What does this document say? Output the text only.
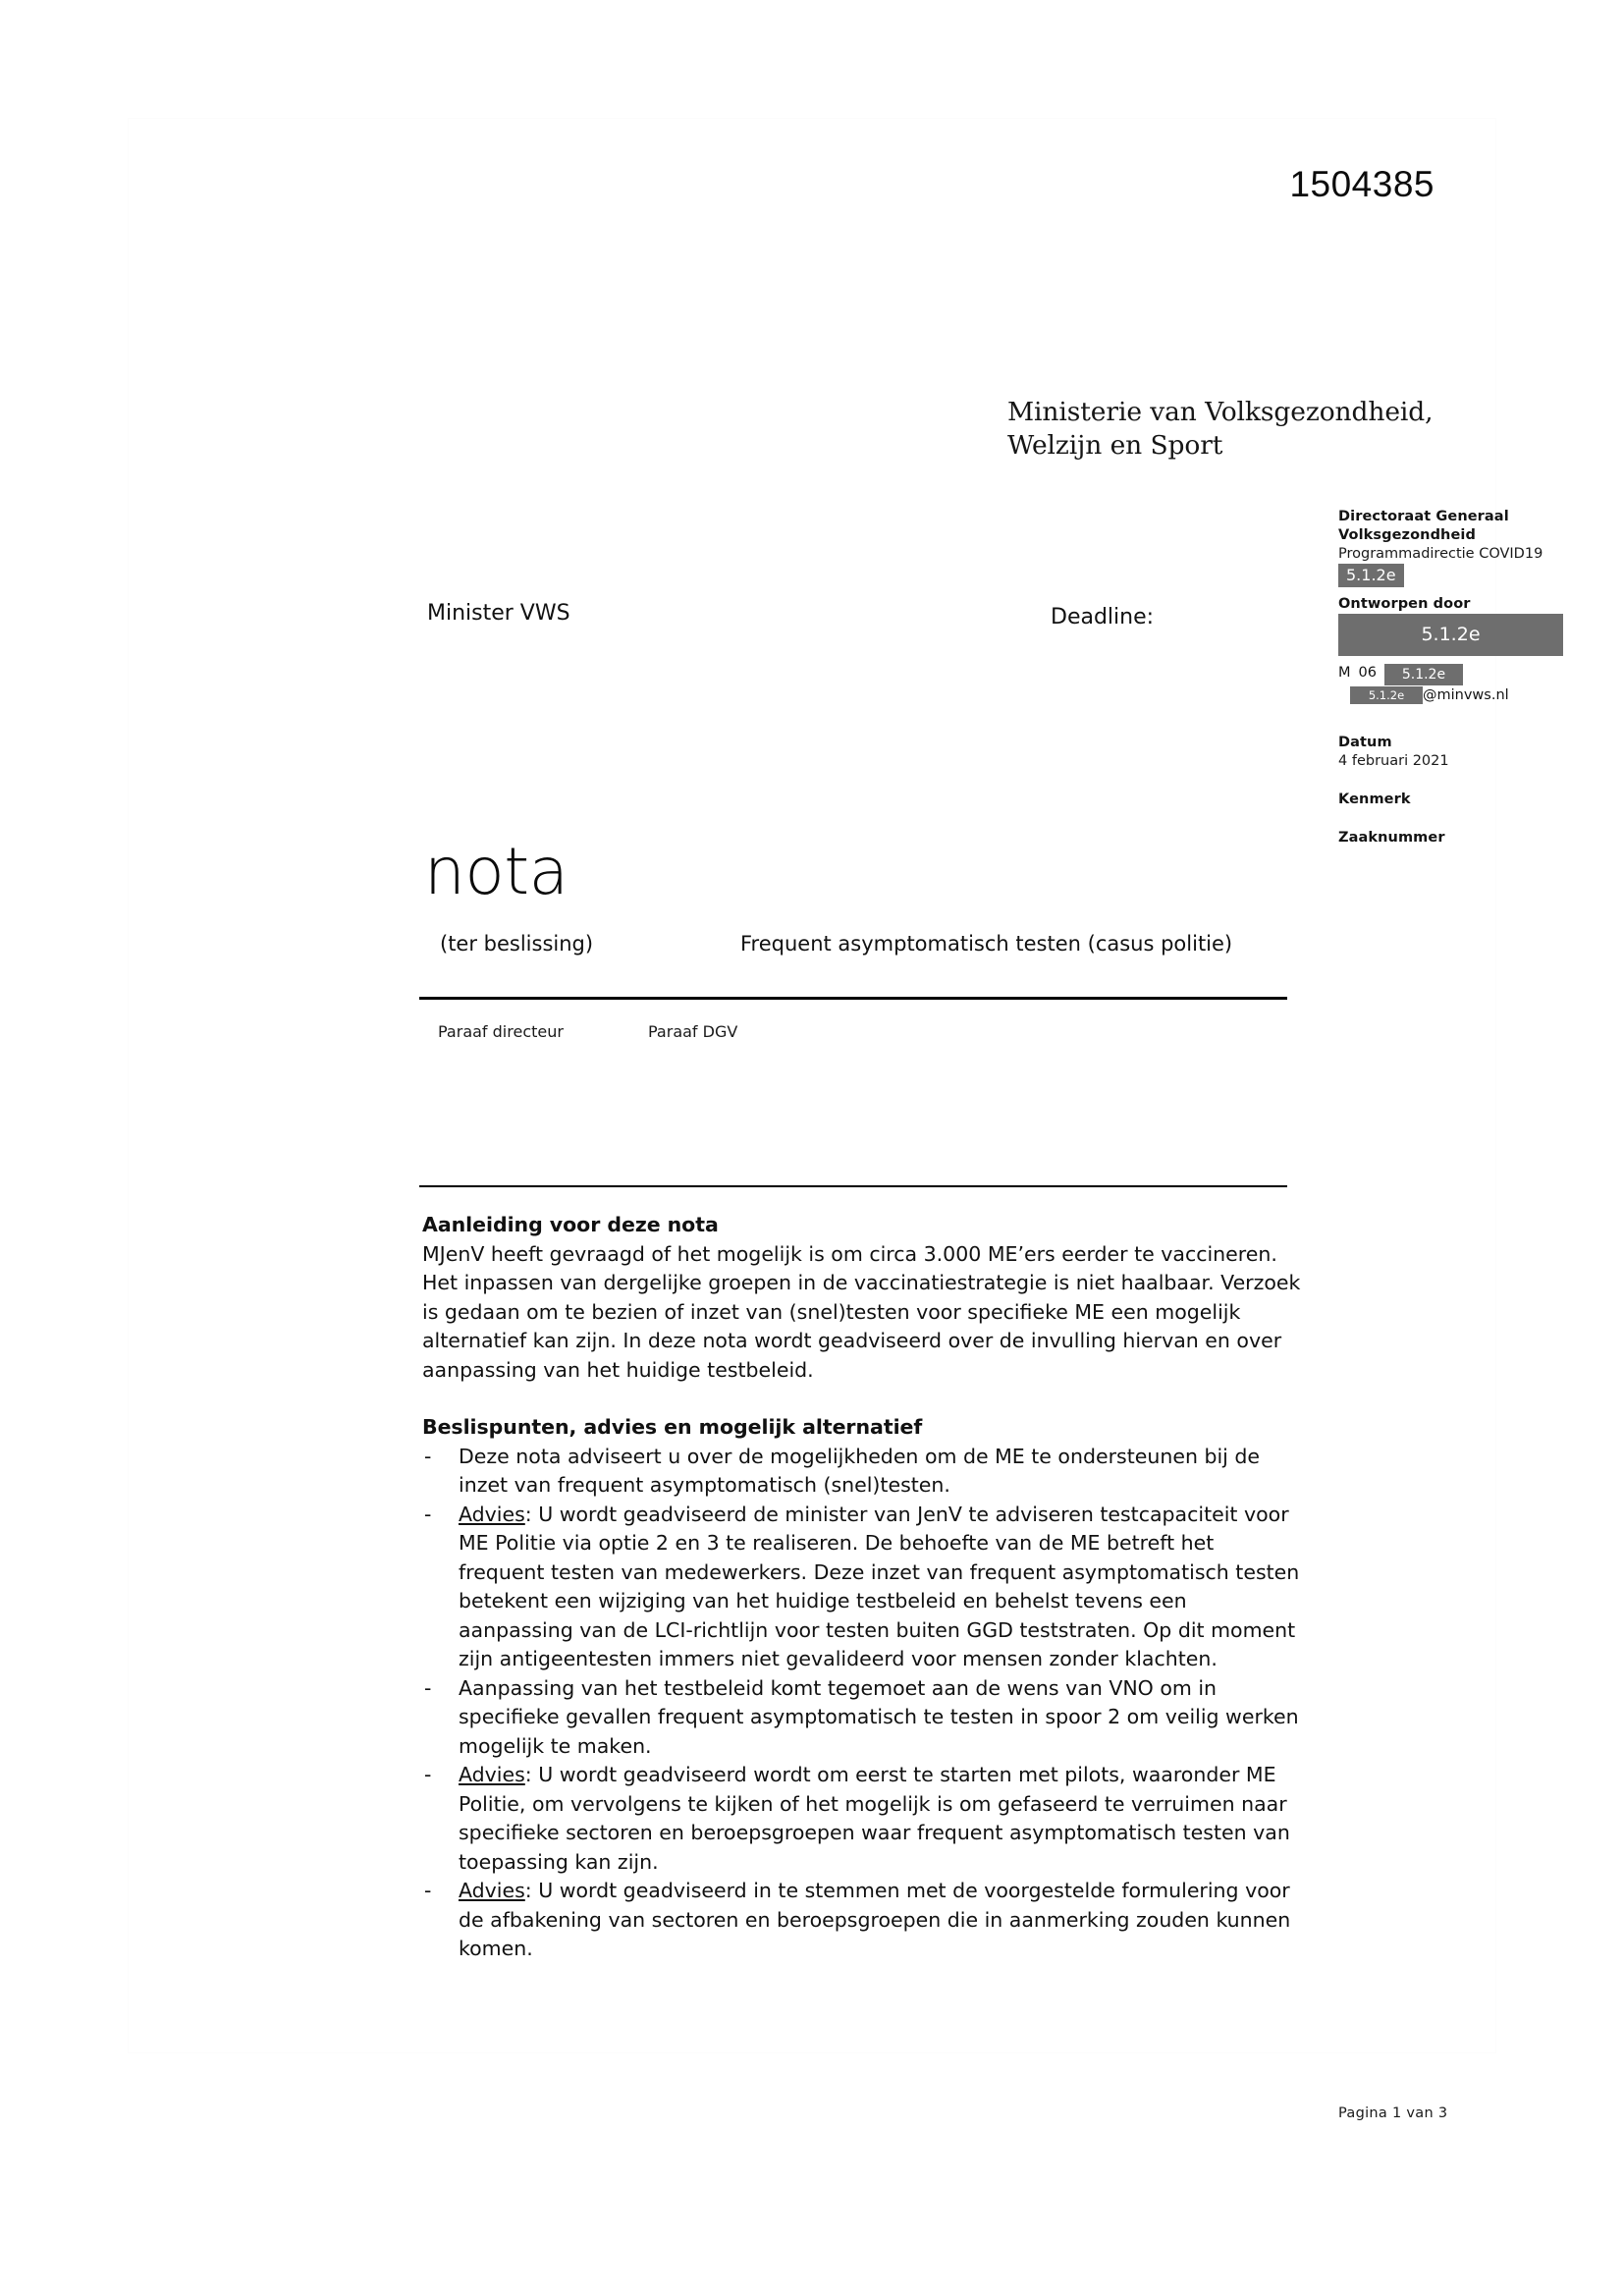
1504385
Ministerie van Volksgezondheid,
Welzijn en Sport
Minister VWS	Deadline:
Directoraat Generaal
Volksgezondheid
Programmadirectie COVID19
5.1.2e
Ontworpen door
5.1.2e
M 06	5.1.2e
5.1.2e	@minvws.nl
Datum
4 februari 2021
Kenmerk
Zaaknummer
nota
(ter beslissing)	Frequent asymptomatisch testen (casus politie)
Paraaf directeur	Paraaf DGV
Aanleiding voor deze nota

MJenV heeft gevraagd of het mogelijk is om circa 3.000 ME’ers eerder te vaccineren. Het inpassen van dergelijke groepen in de vaccinatiestrategie is niet haalbaar. Verzoek is gedaan om te bezien of inzet van (snel)testen voor specifieke ME een mogelijk alternatief kan zijn. In deze nota wordt geadviseerd over de invulling hiervan en over aanpassing van het huidige testbeleid.

Beslispunten, advies en mogelijk alternatief
- Deze nota adviseert u over de mogelijkheden om de ME te ondersteunen bij de inzet van frequent asymptomatisch (snel)testen.
- Advies: U wordt geadviseerd de minister van JenV te adviseren testcapaciteit voor ME Politie via optie 2 en 3 te realiseren. De behoefte van de ME betreft het frequent testen van medewerkers. Deze inzet van frequent asymptomatisch testen betekent een wijziging van het huidige testbeleid en behelst tevens een aanpassing van de LCI-richtlijn voor testen buiten GGD teststraten. Op dit moment zijn antigeentesten immers niet gevalideerd voor mensen zonder klachten.
- Aanpassing van het testbeleid komt tegemoet aan de wens van VNO om in specifieke gevallen frequent asymptomatisch te testen in spoor 2 om veilig werken mogelijk te maken.
- Advies: U wordt geadviseerd wordt om eerst te starten met pilots, waaronder ME Politie, om vervolgens te kijken of het mogelijk is om gefaseerd te verruimen naar specifieke sectoren en beroepsgroepen waar frequent asymptomatisch testen van toepassing kan zijn.
- Advies: U wordt geadviseerd in te stemmen met de voorgestelde formulering voor de afbakening van sectoren en beroepsgroepen die in aanmerking zouden kunnen komen.
Pagina 1 van 3
